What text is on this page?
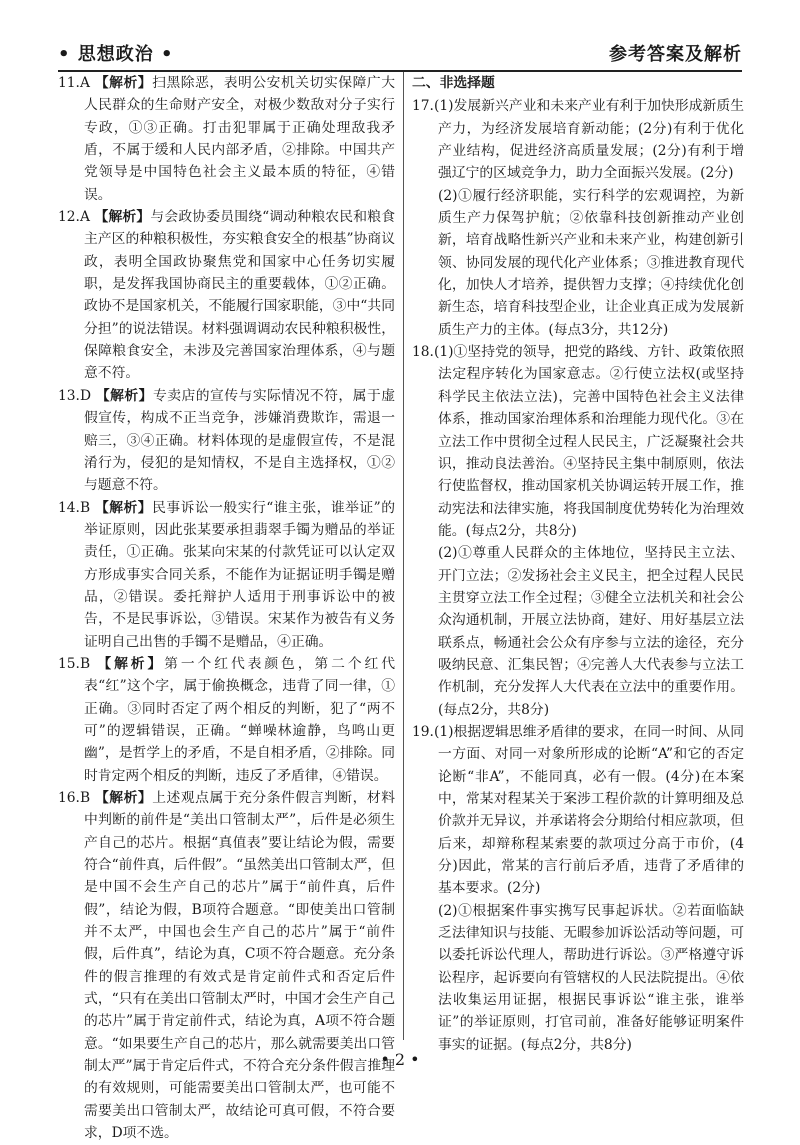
• 思想政治 •	参考答案及解析

11.A 【解析】扫黑除恶，表明公安机关切实保障广大人民群众的生命财产安全，对极少数敌对分子实行专政，①③正确。打击犯罪属于正确处理敌我矛盾，不属于缓和人民内部矛盾，②排除。中国共产党领导是中国特色社会主义最本质的特征，④错误。

12.A 【解析】与会政协委员围绕“调动种粮农民和粮食主产区的种粮积极性，夯实粮食安全的根基”协商议政，表明全国政协聚焦党和国家中心任务切实履职，是发挥我国协商民主的重要载体，①②正确。政协不是国家机关，不能履行国家职能，③中“共同分担”的说法错误。材料强调调动农民种粮积极性，保障粮食安全，未涉及完善国家治理体系，④与题意不符。

13.D 【解析】专卖店的宣传与实际情况不符，属于虚假宣传，构成不正当竞争，涉嫌消费欺诈，需退一赔三，③④正确。材料体现的是虚假宣传，不是混淆行为，侵犯的是知情权，不是自主选择权，①②与题意不符。

14.B 【解析】民事诉讼一般实行“谁主张，谁举证”的举证原则，因此张某要承担翡翠手镯为赠品的举证责任，①正确。张某向宋某的付款凭证可以认定双方形成事实合同关系，不能作为证据证明手镯是赠品，②错误。委托辩护人适用于刑事诉讼中的被告，不是民事诉讼，③错误。宋某作为被告有义务证明自己出售的手镯不是赠品，④正确。

15.B 【解析】第一个红代表颜色，第二个红代表“红”这个字，属于偷换概念，违背了同一律，①正确。③同时否定了两个相反的判断，犯了“两不可”的逻辑错误，正确。“蝉噪林逾静，鸟鸣山更幽”，是哲学上的矛盾，不是自相矛盾，②排除。同时肯定两个相反的判断，违反了矛盾律，④错误。

16.B 【解析】上述观点属于充分条件假言判断，材料中判断的前件是“美出口管制太严”，后件是必须生产自己的芯片。根据“真值表”要让结论为假，需要符合“前件真，后件假”。“虽然美出口管制太严，但是中国不会生产自己的芯片”属于“前件真，后件假”，结论为假，B项符合题意。“即使美出口管制并不太严，中国也会生产自己的芯片”属于“前件假，后件真”，结论为真，C项不符合题意。充分条件的假言推理的有效式是肯定前件式和否定后件式，“只有在美出口管制太严时，中国才会生产自己的芯片”属于肯定前件式，结论为真，A项不符合题意。“如果要生产自己的芯片，那么就需要美出口管制太严”属于肯定后件式，不符合充分条件假言推理的有效规则，可能需要美出口管制太严，也可能不需要美出口管制太严，故结论可真可假，不符合要求，D项不选。

二、非选择题

17.(1)发展新兴产业和未来产业有利于加快形成新质生产力，为经济发展培育新动能；(2分)有利于优化产业结构，促进经济高质量发展；(2分)有利于增强辽宁的区域竞争力，助力全面振兴发展。(2分)

(2)①履行经济职能，实行科学的宏观调控，为新质生产力保驾护航；②依靠科技创新推动产业创新，培育战略性新兴产业和未来产业，构建创新引领、协同发展的现代化产业体系；③推进教育现代化，加快人才培养，提供智力支撑；④持续优化创新生态，培育科技型企业，让企业真正成为发展新质生产力的主体。(每点3分，共12分)

18.(1)①坚持党的领导，把党的路线、方针、政策依照法定程序转化为国家意志。②行使立法权(或坚持科学民主依法立法)，完善中国特色社会主义法律体系，推动国家治理体系和治理能力现代化。③在立法工作中贯彻全过程人民民主，广泛凝聚社会共识，推动良法善治。④坚持民主集中制原则，依法行使监督权，推动国家机关协调运转开展工作，推动宪法和法律实施，将我国制度优势转化为治理效能。(每点2分，共8分)

(2)①尊重人民群众的主体地位，坚持民主立法、开门立法；②发扬社会主义民主，把全过程人民民主贯穿立法工作全过程；③健全立法机关和社会公众沟通机制，开展立法协商，建好、用好基层立法联系点，畅通社会公众有序参与立法的途径，充分吸纳民意、汇集民智；④完善人大代表参与立法工作机制，充分发挥人大代表在立法中的重要作用。(每点2分，共8分)

19.(1)根据逻辑思维矛盾律的要求，在同一时间、从同一方面、对同一对象所形成的论断“A”和它的否定论断“非A”，不能同真，必有一假。(4分)在本案中，常某对程某关于案涉工程价款的计算明细及总价款并无异议，并承诺将会分期给付相应款项，但后来，却辩称程某索要的款项过分高于市价，(4分)因此，常某的言行前后矛盾，违背了矛盾律的基本要求。(2分)

(2)①根据案件事实携写民事起诉状。②若面临缺乏法律知识与技能、无暇参加诉讼活动等问题，可以委托诉讼代理人，帮助进行诉讼。③严格遵守诉讼程序，起诉要向有管辖权的人民法院提出。④依法收集运用证据，根据民事诉讼“谁主张，谁举证”的举证原则，打官司前，准备好能够证明案件事实的证据。(每点2分，共8分)

• 2 •
